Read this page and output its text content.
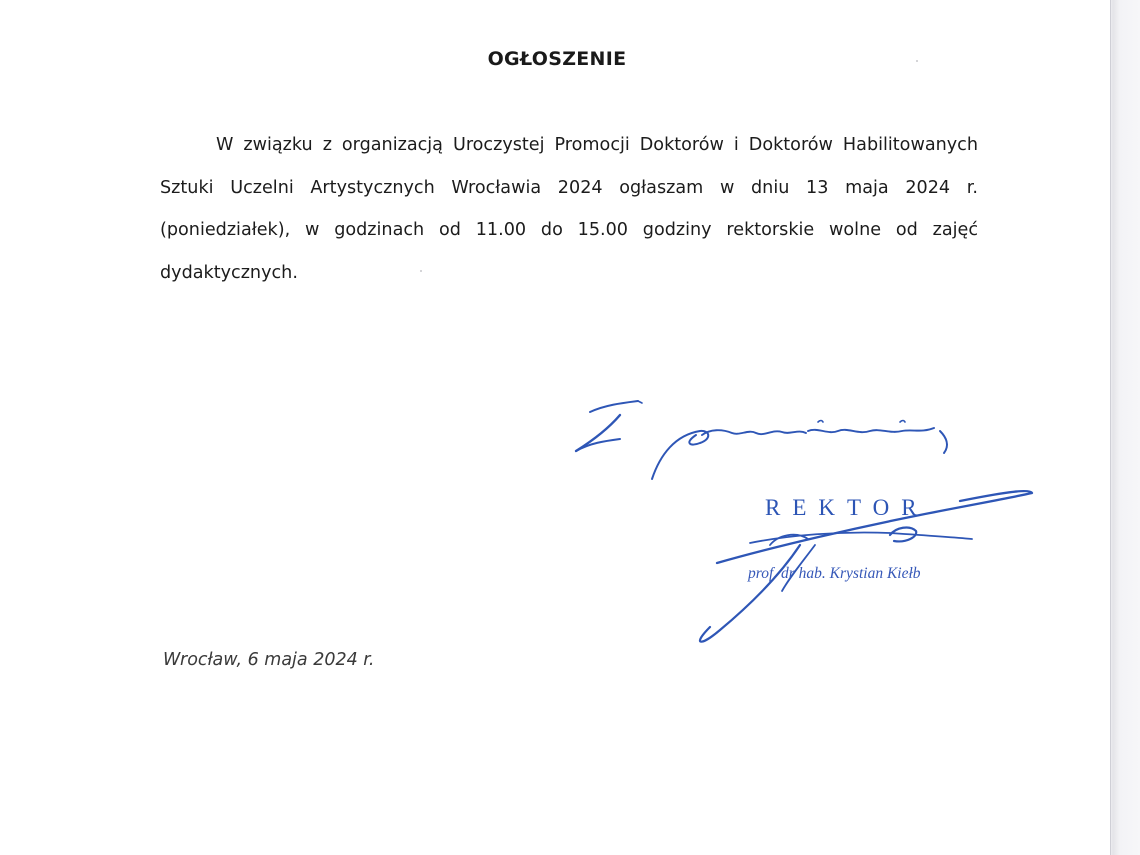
OGŁOSZENIE

W związku z organizacją Uroczystej Promocji Doktorów i Doktorów Habilitowanych Sztuki Uczelni Artystycznych Wrocławia 2024 ogłaszam w dniu 13 maja 2024 r. (poniedziałek), w godzinach od 11.00 do 15.00 godziny rektorskie wolne od zajęć dydaktycznych.

REKTOR
prof. dr hab. Krystian Kiełb
Wrocław, 6 maja 2024 r.
